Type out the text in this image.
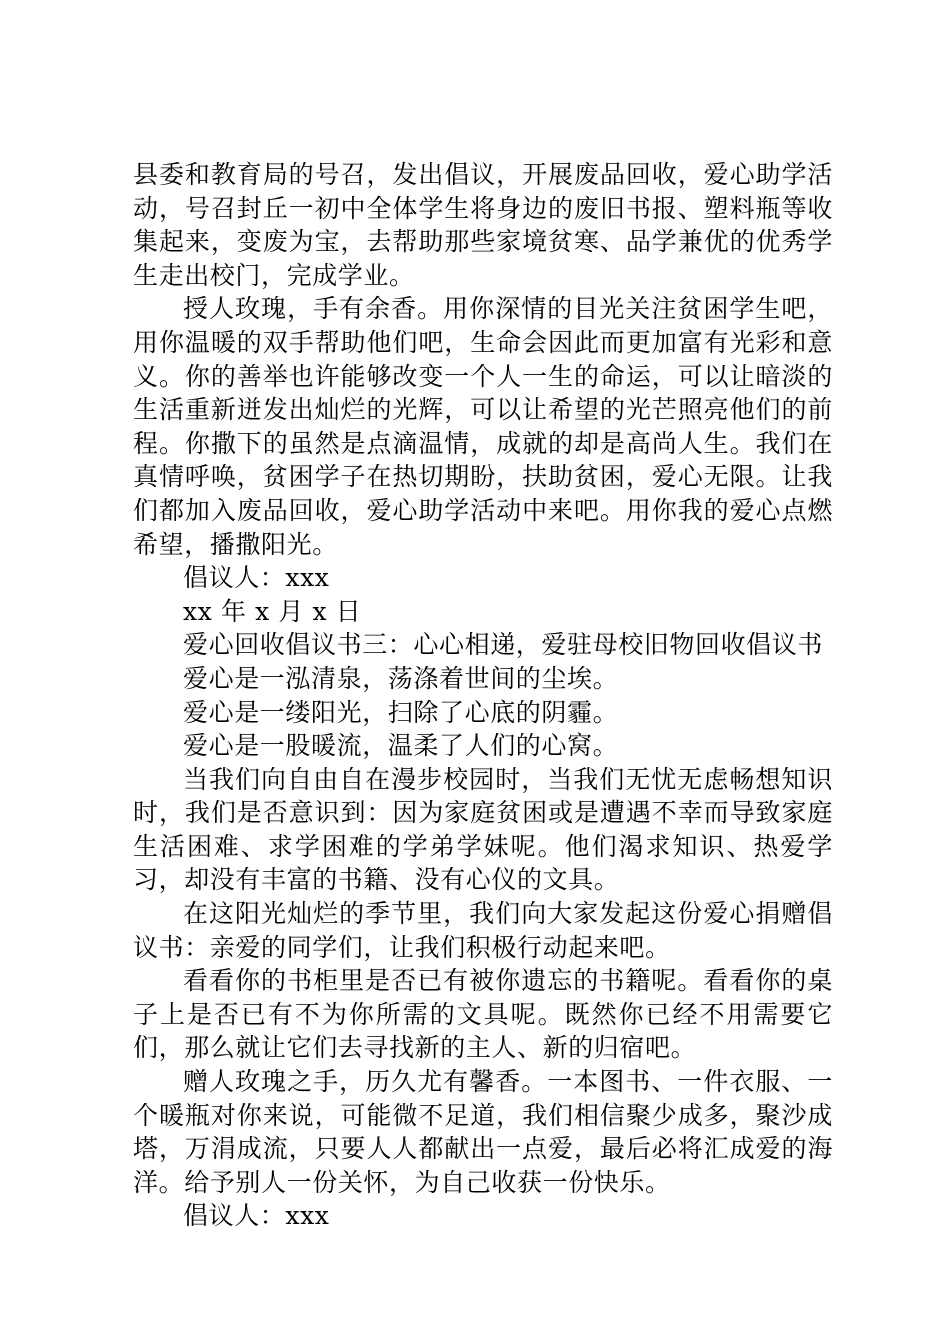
县委和教育局的号召，发出倡议，开展废品回收，爱心助学活动，号召封丘一初中全体学生将身边的废旧书报、塑料瓶等收集起来，变废为宝，去帮助那些家境贫寒、品学兼优的优秀学生走出校门，完成学业。

授人玫瑰，手有余香。用你深情的目光关注贫困学生吧，用你温暖的双手帮助他们吧，生命会因此而更加富有光彩和意义。你的善举也许能够改变一个人一生的命运，可以让暗淡的生活重新迸发出灿烂的光辉，可以让希望的光芒照亮他们的前程。你撒下的虽然是点滴温情，成就的却是高尚人生。我们在真情呼唤，贫困学子在热切期盼，扶助贫困，爱心无限。让我们都加入废品回收，爱心助学活动中来吧。用你我的爱心点燃希望，播撒阳光。

倡议人：xxx

xx 年 x 月 x 日

爱心回收倡议书三：心心相递，爱驻母校旧物回收倡议书

爱心是一泓清泉，荡涤着世间的尘埃。

爱心是一缕阳光，扫除了心底的阴霾。

爱心是一股暖流，温柔了人们的心窝。

当我们向自由自在漫步校园时，当我们无忧无虑畅想知识时，我们是否意识到：因为家庭贫困或是遭遇不幸而导致家庭生活困难、求学困难的学弟学妹呢。他们渴求知识、热爱学习，却没有丰富的书籍、没有心仪的文具。

在这阳光灿烂的季节里，我们向大家发起这份爱心捐赠倡议书：亲爱的同学们，让我们积极行动起来吧。

看看你的书柜里是否已有被你遗忘的书籍呢。看看你的桌子上是否已有不为你所需的文具呢。既然你已经不用需要它们，那么就让它们去寻找新的主人、新的归宿吧。

赠人玫瑰之手，历久尤有馨香。一本图书、一件衣服、一个暖瓶对你来说，可能微不足道，我们相信聚少成多，聚沙成塔，万涓成流，只要人人都献出一点爱，最后必将汇成爱的海洋。给予别人一份关怀，为自己收获一份快乐。

倡议人：xxx
